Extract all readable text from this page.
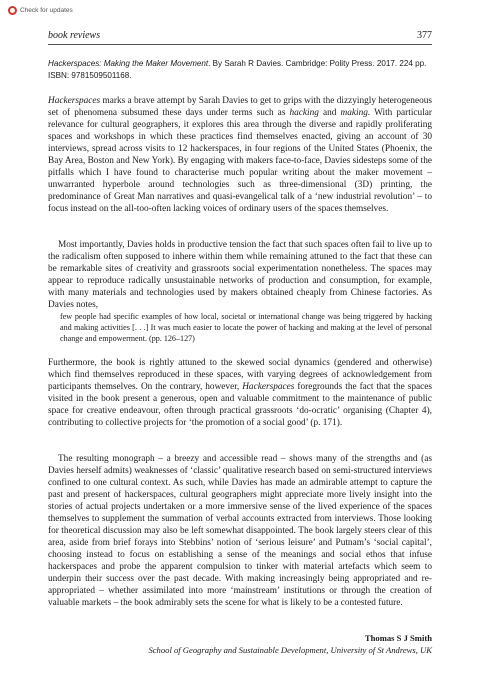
Check for updates
book reviews	377
Hackerspaces: Making the Maker Movement. By Sarah R Davies. Cambridge: Polity Press. 2017. 224 pp. ISBN: 9781509501168.
Hackerspaces marks a brave attempt by Sarah Davies to get to grips with the dizzyingly heterogeneous set of phenomena subsumed these days under terms such as hacking and making. With particular relevance for cultural geographers, it explores this area through the diverse and rapidly proliferating spaces and workshops in which these practices find themselves enacted, giving an account of 30 interviews, spread across visits to 12 hackerspaces, in four regions of the United States (Phoenix, the Bay Area, Boston and New York). By engaging with makers face-to-face, Davies sidesteps some of the pitfalls which I have found to characterise much popular writing about the maker movement – unwarranted hyperbole around technologies such as three-dimensional (3D) printing, the predominance of Great Man narratives and quasi-evangelical talk of a ‘new industrial revolution’ – to focus instead on the all-too-often lacking voices of ordinary users of the spaces themselves.
Most importantly, Davies holds in productive tension the fact that such spaces often fail to live up to the radicalism often supposed to inhere within them while remaining attuned to the fact that these can be remarkable sites of creativity and grassroots social experimentation nonetheless. The spaces may appear to reproduce radically unsustainable networks of production and consumption, for example, with many materials and technologies used by makers obtained cheaply from Chinese factories. As Davies notes,
few people had specific examples of how local, societal or international change was being triggered by hacking and making activities [. . .] It was much easier to locate the power of hacking and making at the level of personal change and empowerment. (pp. 126–127)
Furthermore, the book is rightly attuned to the skewed social dynamics (gendered and otherwise) which find themselves reproduced in these spaces, with varying degrees of acknowledgement from participants themselves. On the contrary, however, Hackerspaces foregrounds the fact that the spaces visited in the book present a generous, open and valuable commitment to the maintenance of public space for creative endeavour, often through practical grassroots ‘do-ocratic’ organising (Chapter 4), contributing to collective projects for ‘the promotion of a social good’ (p. 171).
The resulting monograph – a breezy and accessible read – shows many of the strengths and (as Davies herself admits) weaknesses of ‘classic’ qualitative research based on semi-structured interviews confined to one cultural context. As such, while Davies has made an admirable attempt to capture the past and present of hackerspaces, cultural geographers might appreciate more lively insight into the stories of actual projects undertaken or a more immersive sense of the lived experience of the spaces themselves to supplement the summation of verbal accounts extracted from interviews. Those looking for theoretical discussion may also be left somewhat disappointed. The book largely steers clear of this area, aside from brief forays into Stebbins’ notion of ‘serious leisure’ and Putnam’s ‘social capital’, choosing instead to focus on establishing a sense of the meanings and social ethos that infuse hackerspaces and probe the apparent compulsion to tinker with material artefacts which seem to underpin their success over the past decade. With making increasingly being appropriated and re-appropriated – whether assimilated into more ‘mainstream’ institutions or through the creation of valuable markets – the book admirably sets the scene for what is likely to be a contested future.
Thomas S J Smith
School of Geography and Sustainable Development, University of St Andrews, UK
